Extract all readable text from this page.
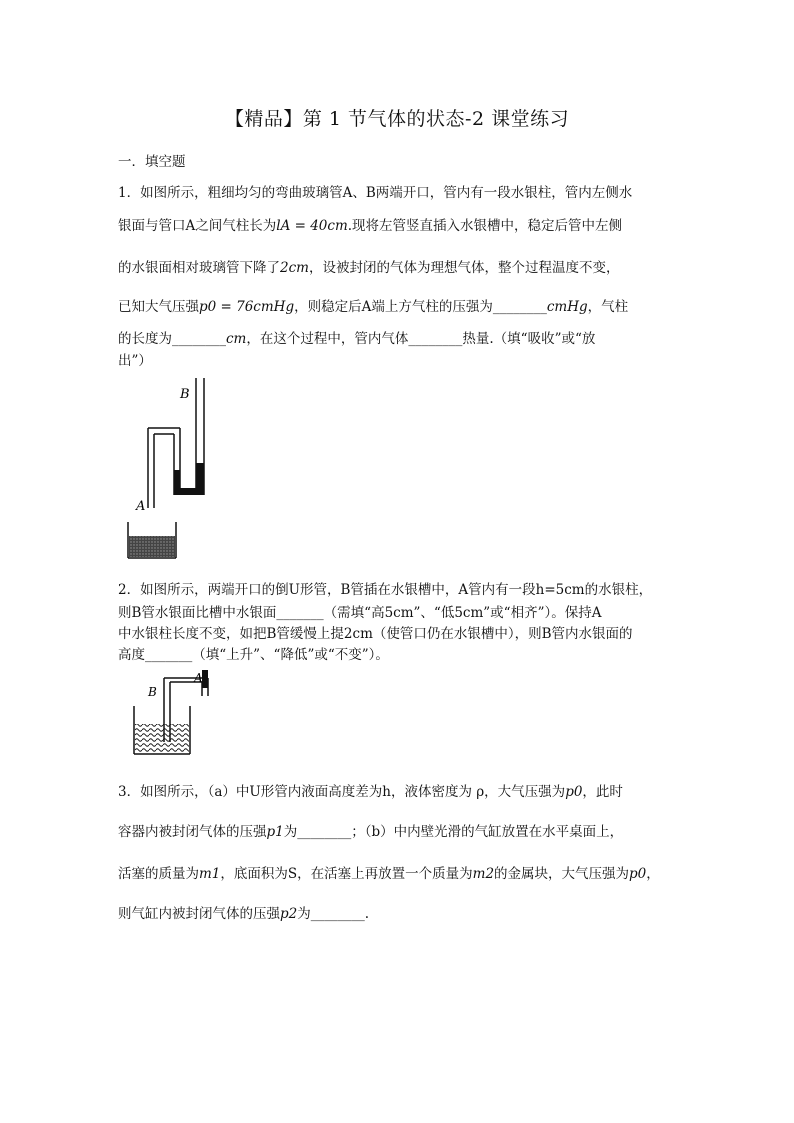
【精品】第 1 节气体的状态-2 课堂练习
一．填空题
1．如图所示，粗细均匀的弯曲玻璃管A、B两端开口，管内有一段水银柱，管内左侧水
银面与管口A之间气柱长为lA = 40cm.现将左管竖直插入水银槽中，稳定后管中左侧
的水银面相对玻璃管下降了2cm，设被封闭的气体为理想气体，整个过程温度不变，
已知大气压强p0 = 76cmHg，则稳定后A端上方气柱的压强为________cmHg，气柱
的长度为________cm，在这个过程中，管内气体________热量.（填“吸收”或“放
出”）
A
B
2．如图所示，两端开口的倒U形管，B管插在水银槽中，A管内有一段h=5cm的水银柱，
则B管水银面比槽中水银面_______（需填“高5cm”、“低5cm”或“相齐”）。保持A
中水银柱长度不变，如把B管缓慢上提2cm（使管口仍在水银槽中），则B管内水银面的
高度_______（填“上升”、“降低”或“不变”）。
B
A
3．如图所示，（a）中U形管内液面高度差为h，液体密度为 ρ，大气压强为p0，此时
容器内被封闭气体的压强p1为________；（b）中内壁光滑的气缸放置在水平桌面上，
活塞的质量为m1，底面积为S，在活塞上再放置一个质量为m2的金属块，大气压强为p0，
则气缸内被封闭气体的压强p2为________.
